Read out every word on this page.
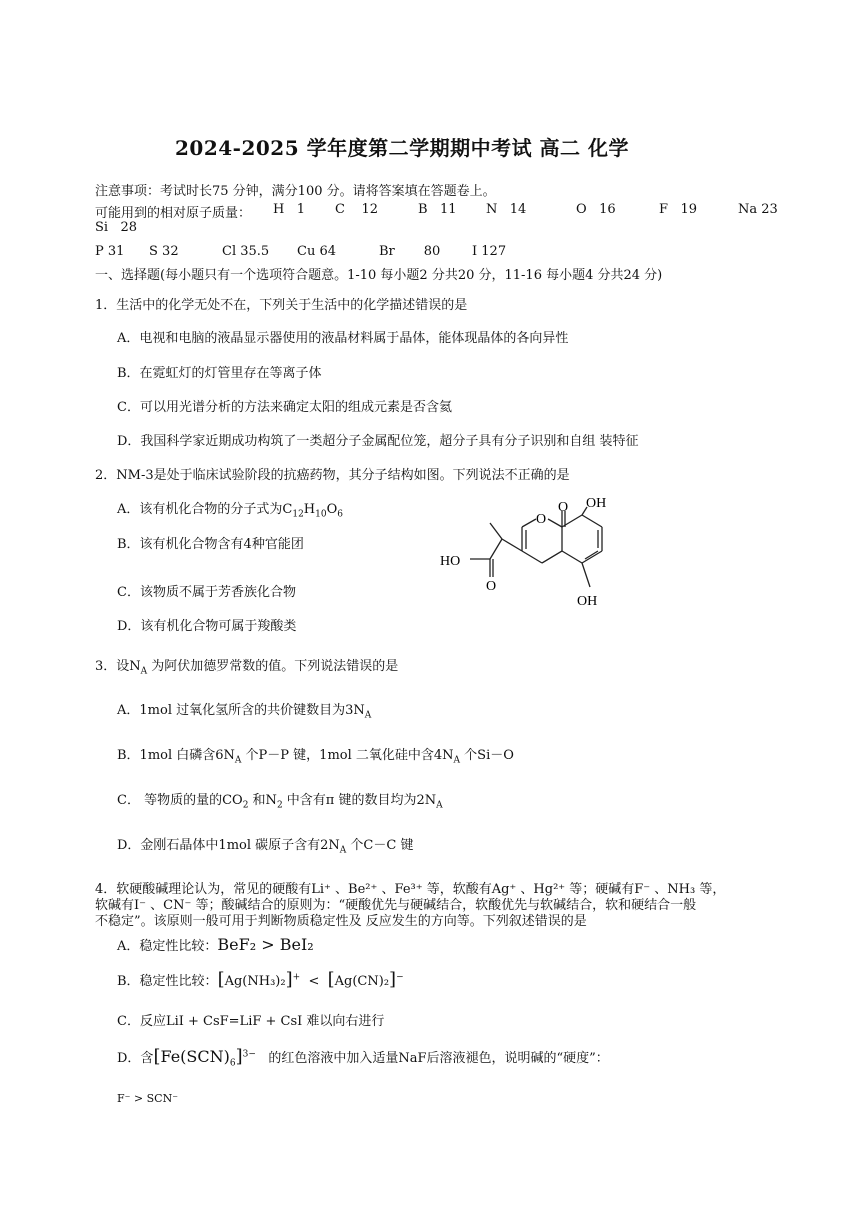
2024-2025 学年度第二学期期中考试 高二 化学
注意事项：考试时长75 分钟，满分100 分。请将答案填在答题卷上。
可能用到的相对原子质量： H 1 C 12	B 11 N 14	O 16	F 19	Na 23
Si 28
P 31 S 32	Cl 35.5 Cu 64	Br 80 I 127
一、选择题(每小题只有一个选项符合题意。1-10 每小题2 分共20 分，11-16 每小题4 分共24 分)
1．生活中的化学无处不在，下列关于生活中的化学描述错误的是
A．电视和电脑的液晶显示器使用的液晶材料属于晶体，能体现晶体的各向异性
B．在霓虹灯的灯管里存在等离子体
C．可以用光谱分析的方法来确定太阳的组成元素是否含氦
D．我国科学家近期成功构筑了一类超分子金属配位笼，超分子具有分子识别和自组 装特征
2．NM-3是处于临床试验阶段的抗癌药物，其分子结构如图。下列说法不正确的是
A．该有机化合物的分子式为$C_{12}H_{10}O_6$
B．该有机化合物含有4种官能团
C．该物质不属于芳香族化合物
D．该有机化合物可属于羧酸类
O
O OH
HO
O
OH
3．设$N_A$ 为阿伏加德罗常数的值。下列说法错误的是
A．1mol 过氧化氢所含的共价键数目为$3N_A$
B．1mol 白磷含$6N_A$ 个P－P 键，1mol 二氧化硅中含$4N_A$ 个Si－O
C． 等物质的量的$CO_2$ 和$N_2$ 中含有π 键的数目均为$2N_A$
D．金刚石晶体中1mol 碳原子含有$2N_A$ 个C－C 键
4．软硬酸碱理论认为，常见的硬酸有Li⁺ 、Be²⁺ 、Fe³⁺ 等，软酸有Ag⁺ 、Hg²⁺ 等；硬碱有F⁻ 、NH₃ 等，
软碱有I⁻ 、CN⁻ 等；酸碱结合的原则为：“硬酸优先与硬碱结合，软酸优先与软碱结合，软和硬结合一般
不稳定”。该原则一般可用于判断物质稳定性及 反应发生的方向等。下列叙述错误的是
A．稳定性比较：BeF₂ > BeI₂
B．稳定性比较：[Ag(NH₃)₂]+ < [Ag(CN)₂]−
C．反应LiI + CsF=LiF + CsI 难以向右进行
D．含$[Fe(SCN)_6]^{3-}$ 的红色溶液中加入适量NaF后溶液褪色，说明碱的“硬度”：
F⁻ > SCN⁻
